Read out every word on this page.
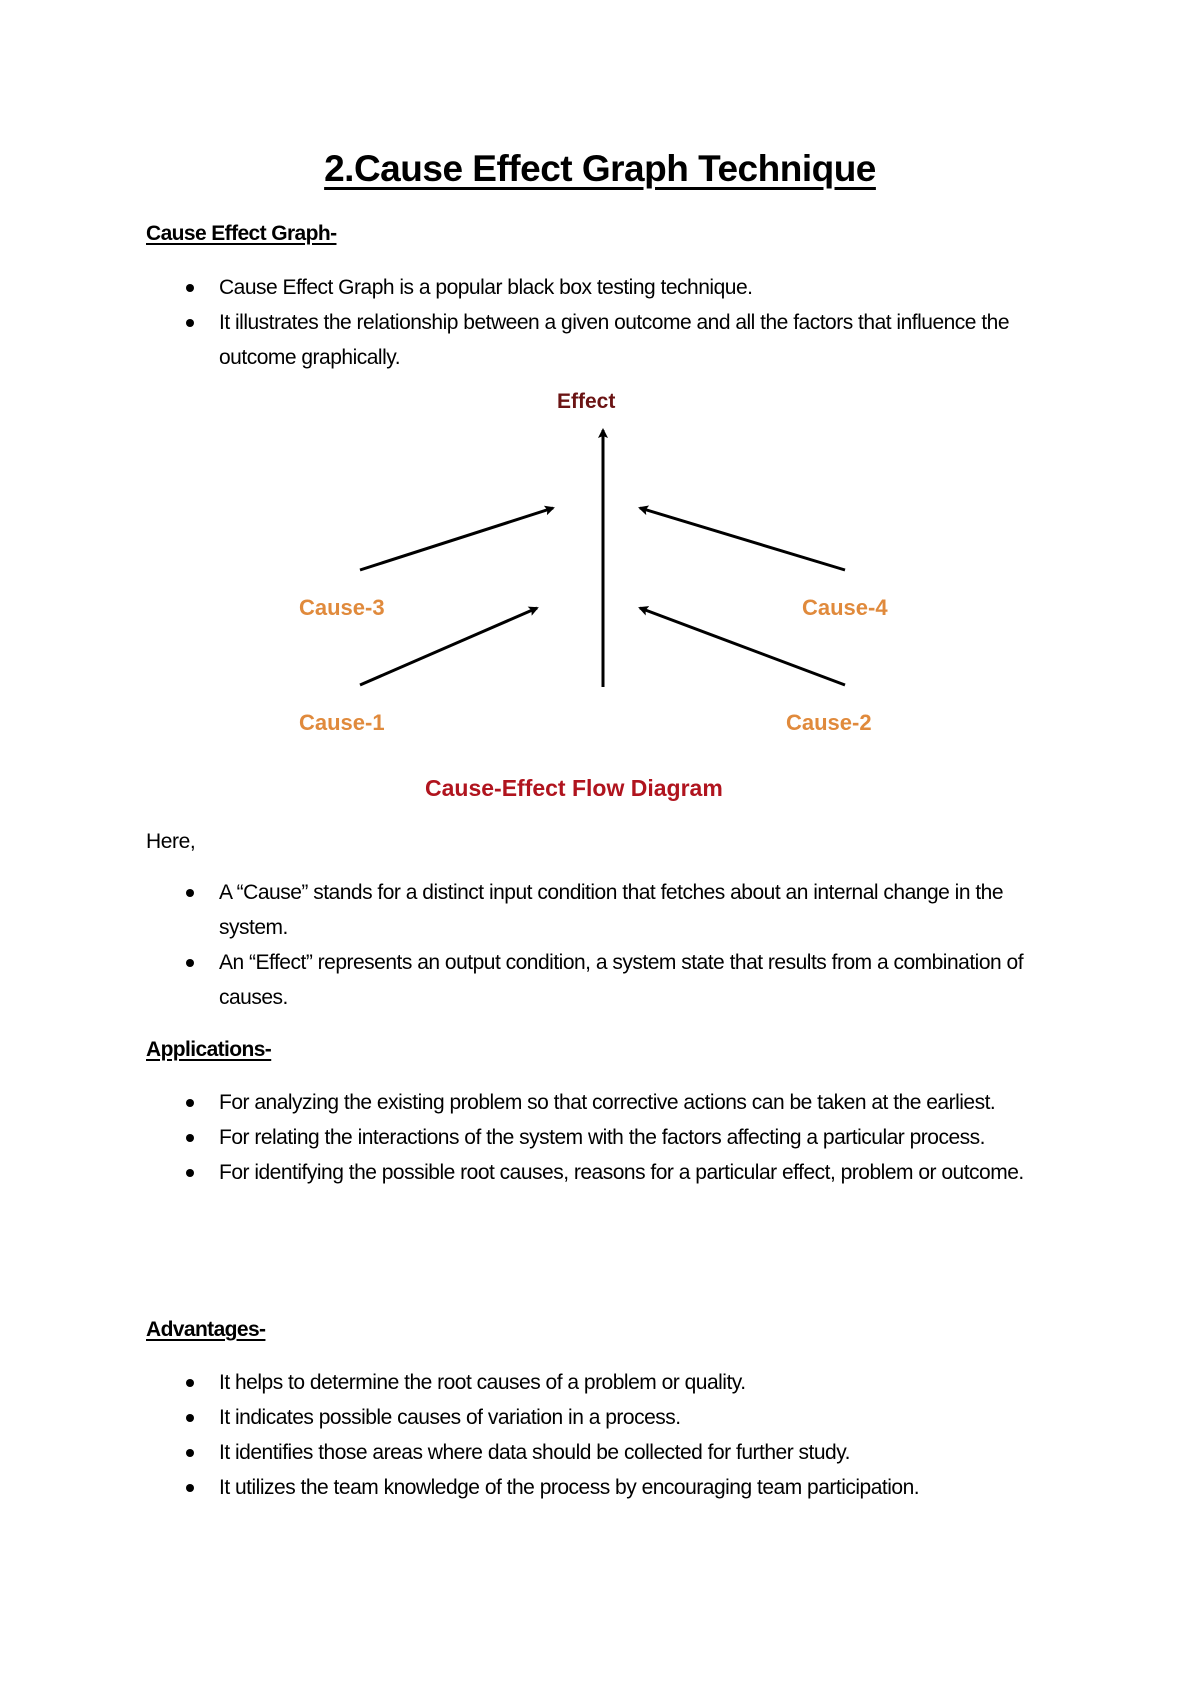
2.Cause Effect Graph Technique
Cause Effect Graph-
Cause Effect Graph is a popular black box testing technique.
It illustrates the relationship between a given outcome and all the factors that influence the outcome graphically.
Effect
Cause-3	Cause-4
Cause-1	Cause-2
Cause-Effect Flow Diagram
Here,
A “Cause” stands for a distinct input condition that fetches about an internal change in the system.
An “Effect” represents an output condition, a system state that results from a combination of causes.
Applications-
For analyzing the existing problem so that corrective actions can be taken at the earliest.
For relating the interactions of the system with the factors affecting a particular process.
For identifying the possible root causes, reasons for a particular effect, problem or outcome.
Advantages-
It helps to determine the root causes of a problem or quality.
It indicates possible causes of variation in a process.
It identifies those areas where data should be collected for further study.
It utilizes the team knowledge of the process by encouraging team participation.
